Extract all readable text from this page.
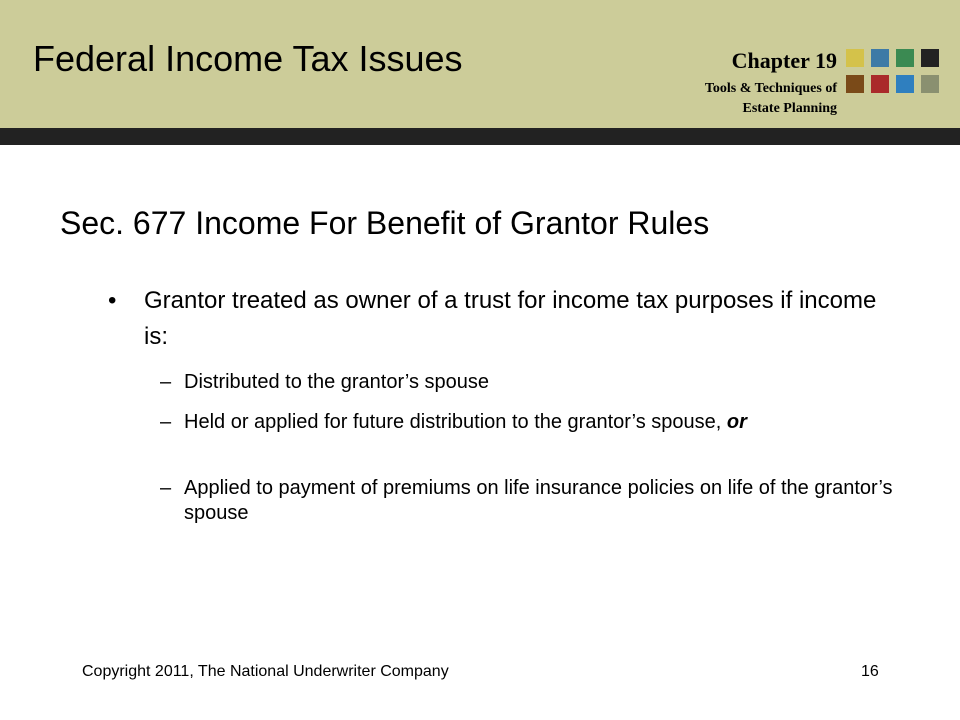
Federal Income Tax Issues	Chapter 19
Tools & Techniques of
Estate Planning
Sec. 677 Income For Benefit of Grantor Rules
• Grantor treated as owner of a trust for income tax purposes if income is:
– Distributed to the grantor’s spouse
– Held or applied for future distribution to the grantor’s spouse, or
– Applied to payment of premiums on life insurance policies on life of the grantor’s spouse
Copyright 2011, The National Underwriter Company	16
